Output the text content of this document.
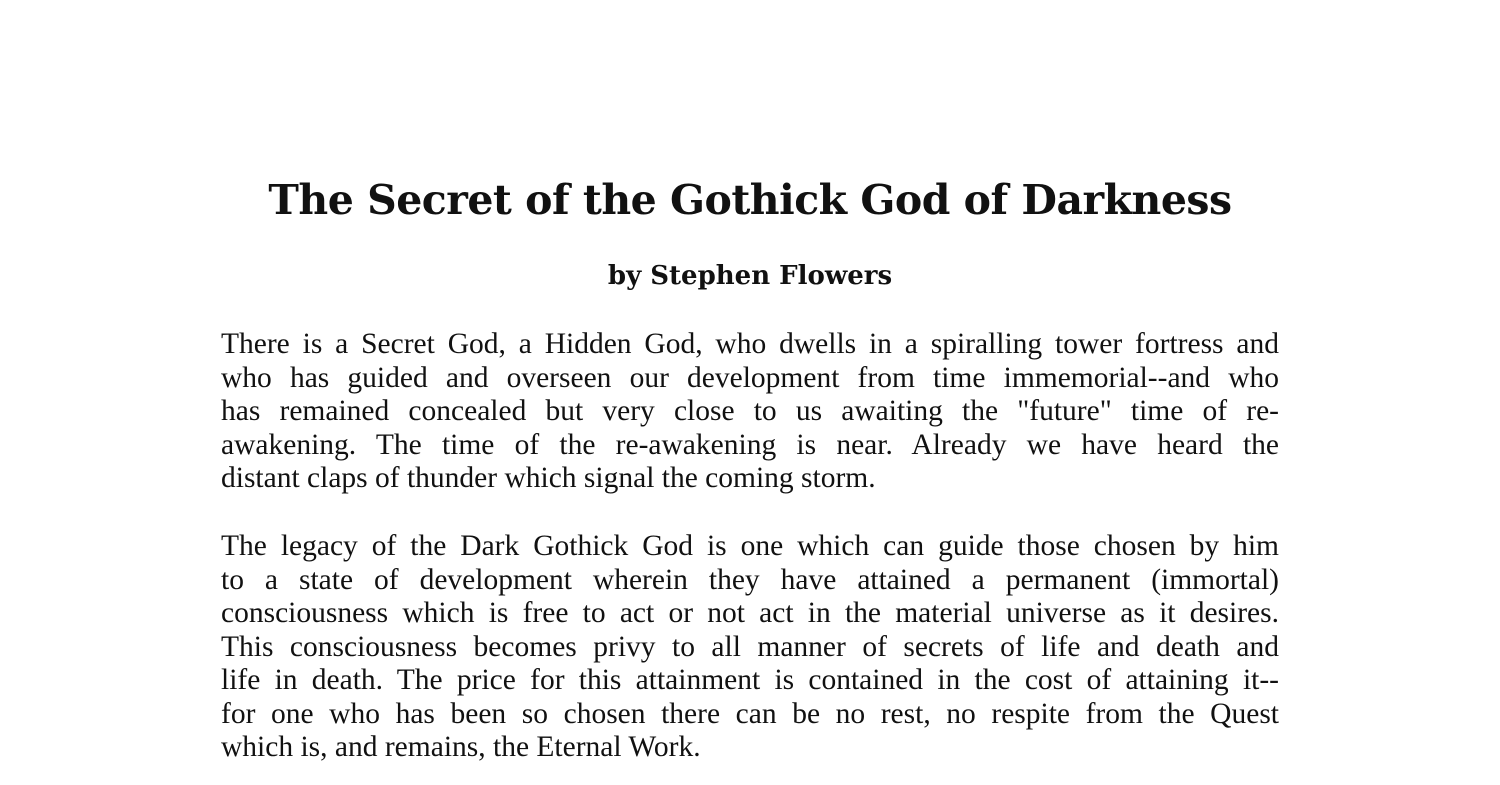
The Secret of the Gothick God of Darkness
by Stephen Flowers

There is a Secret God, a Hidden God, who dwells in a spiralling tower fortress and
who has guided and overseen our development from time immemorial--and who
has remained concealed but very close to us awaiting the "future" time of re-
awakening. The time of the re-awakening is near. Already we have heard the
distant claps of thunder which signal the coming storm.

The legacy of the Dark Gothick God is one which can guide those chosen by him
to a state of development wherein they have attained a permanent (immortal)
consciousness which is free to act or not act in the material universe as it desires.
This consciousness becomes privy to all manner of secrets of life and death and
life in death. The price for this attainment is contained in the cost of attaining it--
for one who has been so chosen there can be no rest, no respite from the Quest
which is, and remains, the Eternal Work.
